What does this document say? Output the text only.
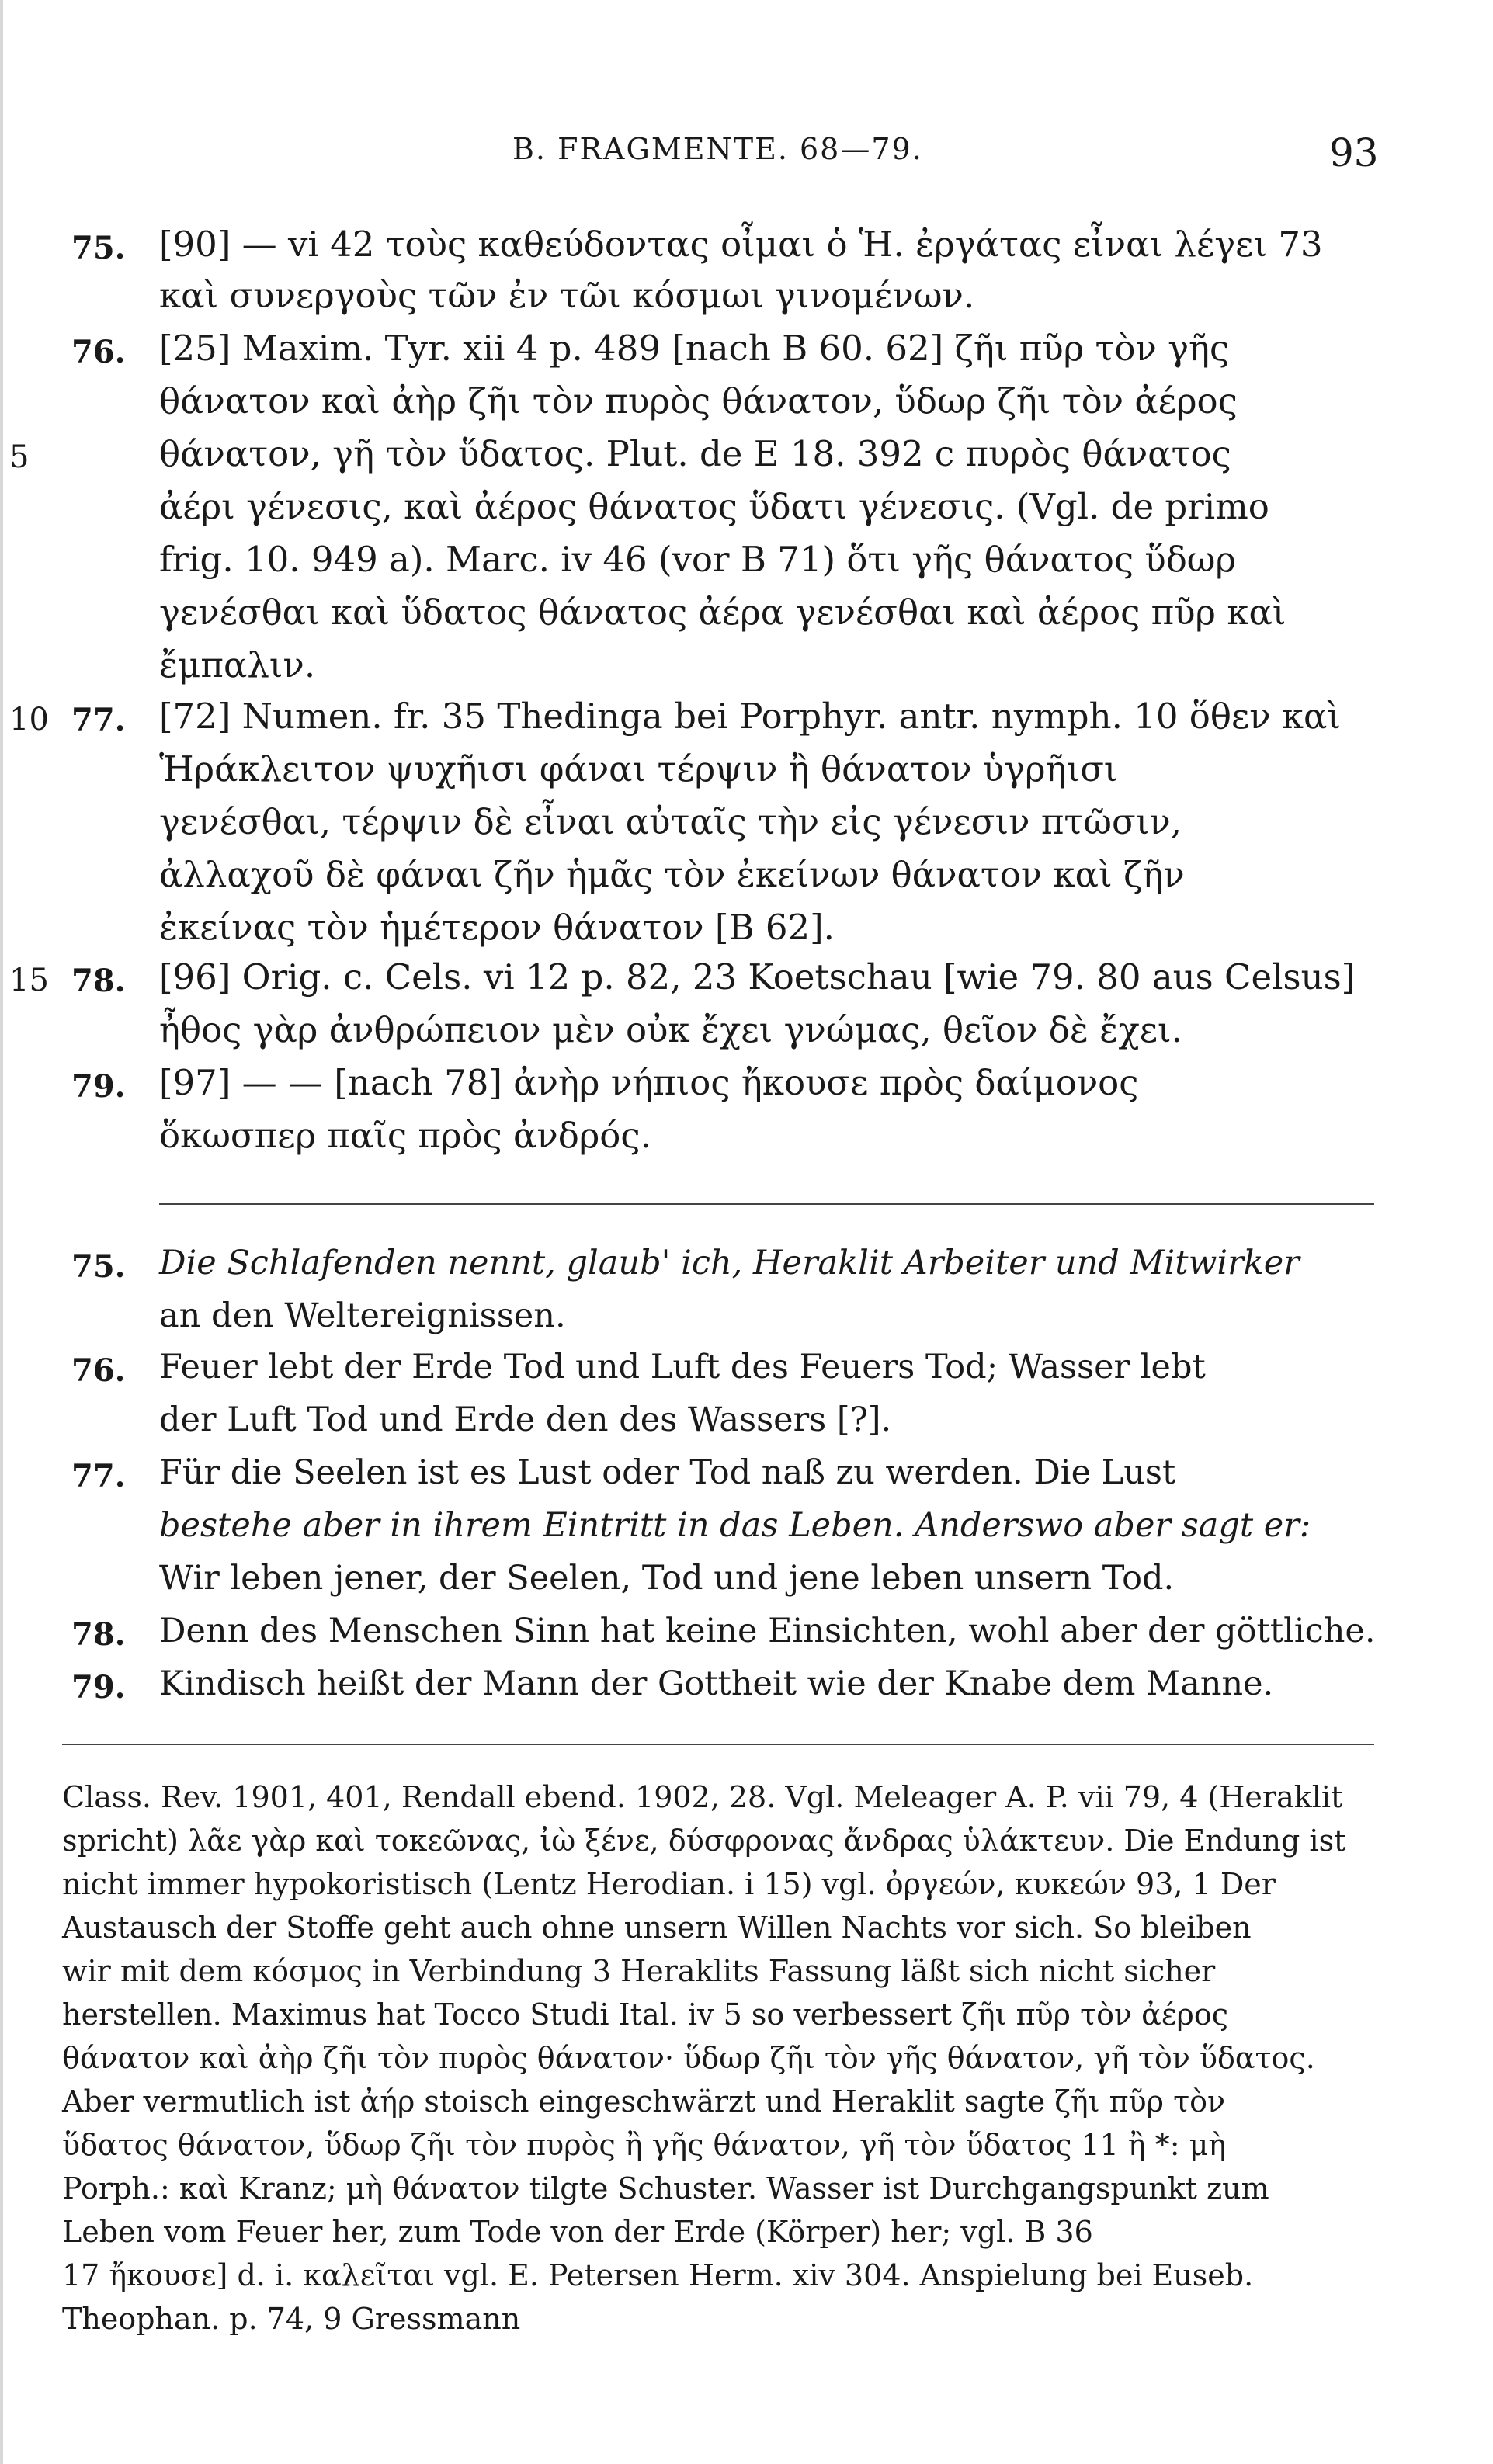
B. FRAGMENTE. 68—79.	93
75. [90] — vi 42 τοὺς καθεύδοντας οἶμαι ὁ Ἡ. ἐργάτας εἶναι λέγει 73
καὶ συνεργοὺς τῶν ἐν τῶι κόσμωι γινομένων.
76. [25] Maxim. Tyr. xii 4 p. 489 [nach B 60. 62] ζῆι πῦρ τὸν γῆς
θάνατον καὶ ἀὴρ ζῆι τὸν πυρὸς θάνατον, ὕδωρ ζῆι τὸν ἀέρος
5	θάνατον, γῆ τὸν ὕδατος. Plut. de E 18. 392 c πυρὸς θάνατος
ἀέρι γένεσις, καὶ ἀέρος θάνατος ὕδατι γένεσις. (Vgl. de primo
frig. 10. 949 a). Marc. iv 46 (vor B 71) ὅτι γῆς θάνατος ὕδωρ
γενέσθαι καὶ ὕδατος θάνατος ἀέρα γενέσθαι καὶ ἀέρος πῦρ καὶ
ἔμπαλιν.
10 77. [72] Numen. fr. 35 Thedinga bei Porphyr. antr. nymph. 10 ὅθεν καὶ
Ἡράκλειτον ψυχῆισι φάναι τέρψιν ἢ θάνατον ὑγρῆισι
γενέσθαι, τέρψιν δὲ εἶναι αὐταῖς τὴν εἰς γένεσιν πτῶσιν,
ἀλλαχοῦ δὲ φάναι ζῆν ἡμᾶς τὸν ἐκείνων θάνατον καὶ ζῆν
ἐκείνας τὸν ἡμέτερον θάνατον [B 62].
15 78. [96] Orig. c. Cels. vi 12 p. 82, 23 Koetschau [wie 79. 80 aus Celsus]
ἦθος γὰρ ἀνθρώπειον μὲν οὐκ ἔχει γνώμας, θεῖον δὲ ἔχει.
79. [97] — — [nach 78] ἀνὴρ νήπιος ἤκουσε πρὸς δαίμονος
ὅκωσπερ παῖς πρὸς ἀνδρός.
75. Die Schlafenden nennt, glaub' ich, Heraklit Arbeiter und Mitwirker
an den Weltereignissen.
76. Feuer lebt der Erde Tod und Luft des Feuers Tod; Wasser lebt
der Luft Tod und Erde den des Wassers [?].
77. Für die Seelen ist es Lust oder Tod naß zu werden. Die Lust
bestehe aber in ihrem Eintritt in das Leben. Anderswo aber sagt er:
Wir leben jener, der Seelen, Tod und jene leben unsern Tod.
78. Denn des Menschen Sinn hat keine Einsichten, wohl aber der göttliche.
79. Kindisch heißt der Mann der Gottheit wie der Knabe dem Manne.
Class. Rev. 1901, 401, Rendall ebend. 1902, 28. Vgl. Meleager A. P. vii 79, 4 (Heraklit
spricht) λᾶε γὰρ καὶ τοκεῶνας, ἰὼ ξένε, δύσφρονας ἄνδρας ὑλάκτευν. Die Endung ist
nicht immer hypokoristisch (Lentz Herodian. i 15) vgl. ὀργεών, κυκεών 93, 1 Der
Austausch der Stoffe geht auch ohne unsern Willen Nachts vor sich. So bleiben
wir mit dem κόσμος in Verbindung 3 Heraklits Fassung läßt sich nicht sicher
herstellen. Maximus hat Tocco Studi Ital. iv 5 so verbessert ζῆι πῦρ τὸν ἀέρος
θάνατον καὶ ἀὴρ ζῆι τὸν πυρὸς θάνατον· ὕδωρ ζῆι τὸν γῆς θάνατον, γῆ τὸν ὕδατος.
Aber vermutlich ist ἀήρ stoisch eingeschwärzt und Heraklit sagte ζῆι πῦρ τὸν
ὕδατος θάνατον, ὕδωρ ζῆι τὸν πυρὸς ἢ γῆς θάνατον, γῆ τὸν ὕδατος 11 ἢ *: μὴ
Porph.: καὶ Kranz; μὴ θάνατον tilgte Schuster. Wasser ist Durchgangspunkt zum
Leben vom Feuer her, zum Tode von der Erde (Körper) her; vgl. B 36
17 ἤκουσε] d. i. καλεῖται vgl. E. Petersen Herm. xiv 304. Anspielung bei Euseb.
Theophan. p. 74, 9 Gressmann
